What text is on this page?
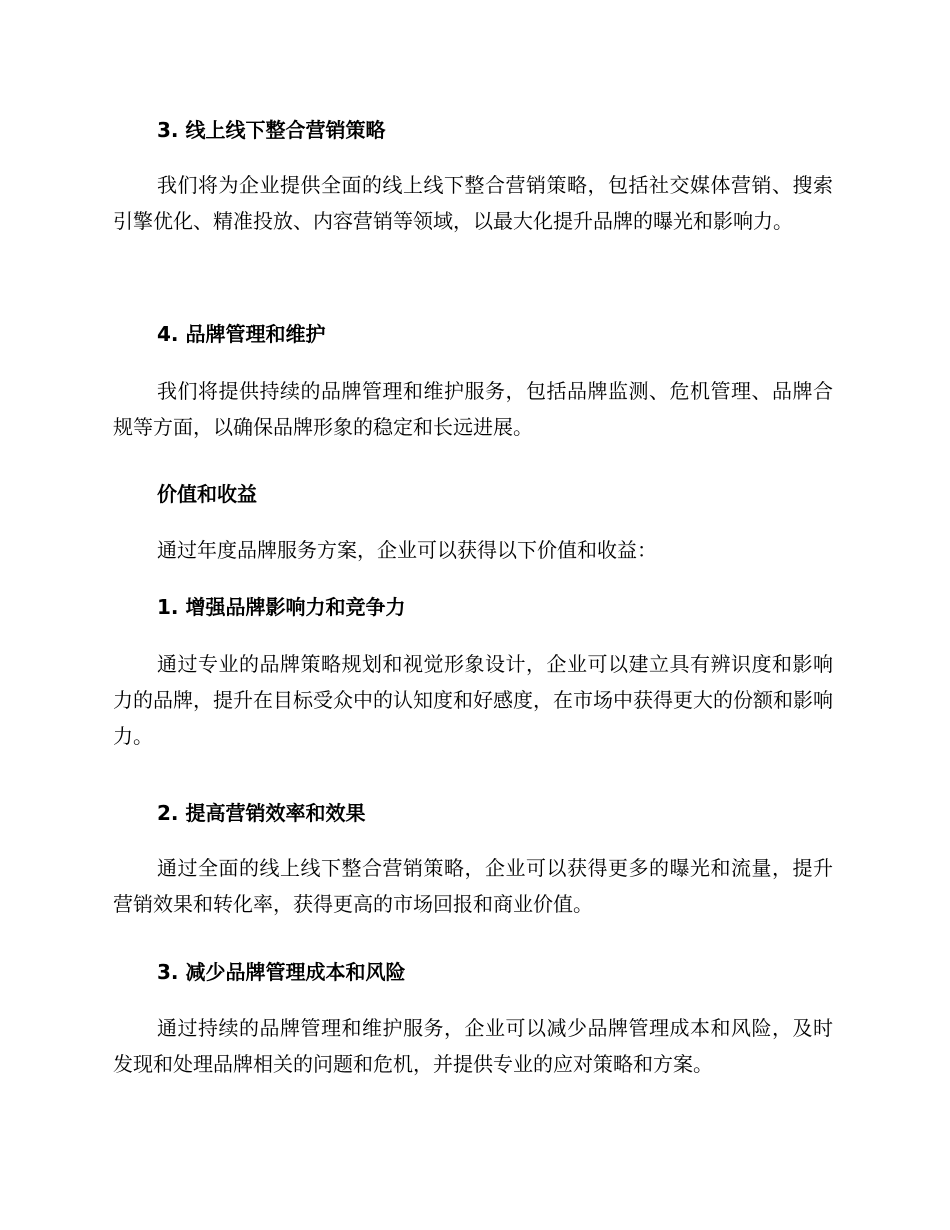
3. 线上线下整合营销策略

我们将为企业提供全面的线上线下整合营销策略，包括社交媒体营销、搜索引擎优化、精准投放、内容营销等领域，以最大化提升品牌的曝光和影响力。

4. 品牌管理和维护

我们将提供持续的品牌管理和维护服务，包括品牌监测、危机管理、品牌合规等方面，以确保品牌形象的稳定和长远进展。

价值和收益

通过年度品牌服务方案，企业可以获得以下价值和收益：

1. 增强品牌影响力和竞争力

通过专业的品牌策略规划和视觉形象设计，企业可以建立具有辨识度和影响力的品牌，提升在目标受众中的认知度和好感度，在市场中获得更大的份额和影响力。

2. 提高营销效率和效果

通过全面的线上线下整合营销策略，企业可以获得更多的曝光和流量，提升营销效果和转化率，获得更高的市场回报和商业价值。

3. 减少品牌管理成本和风险

通过持续的品牌管理和维护服务，企业可以减少品牌管理成本和风险，及时发现和处理品牌相关的问题和危机，并提供专业的应对策略和方案。
